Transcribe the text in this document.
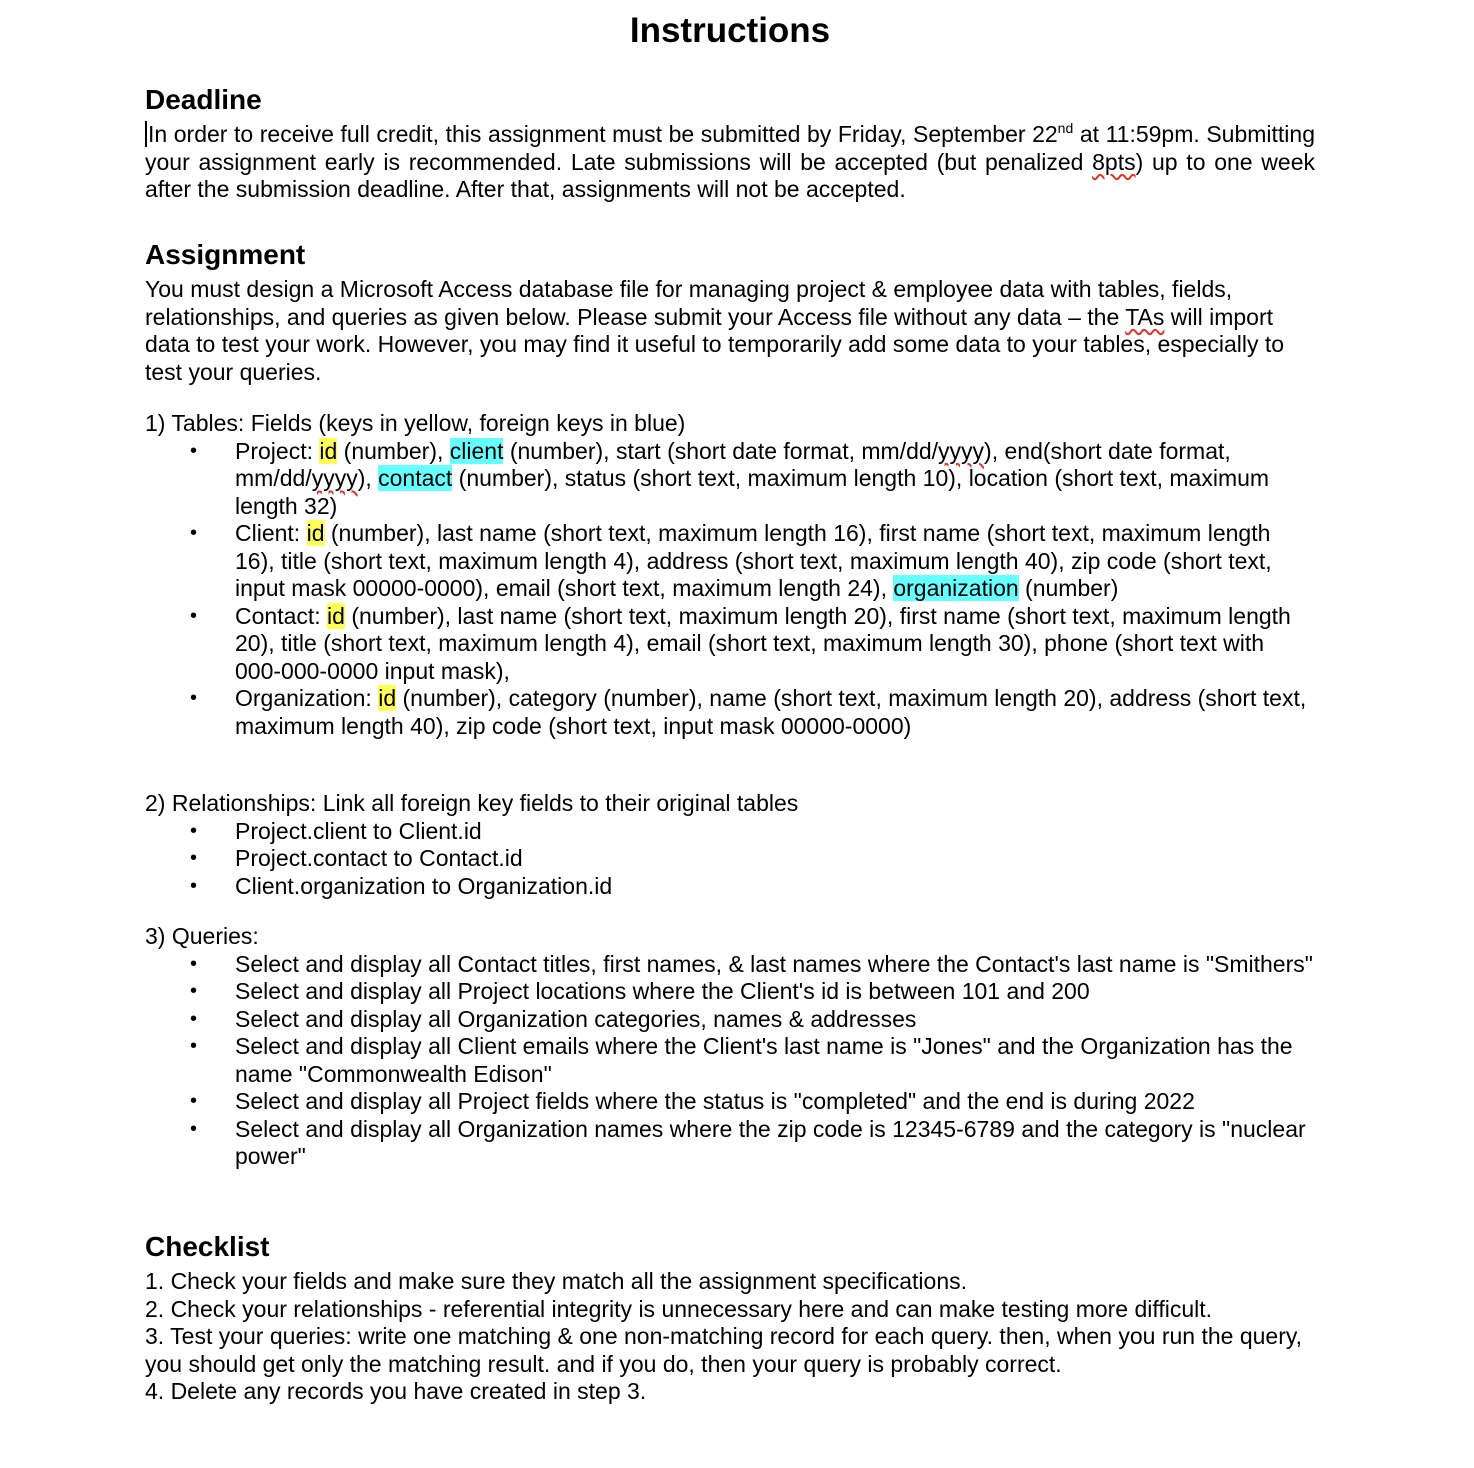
Instructions
Deadline

In order to receive full credit, this assignment must be submitted by Friday, September 22nd at 11:59pm. Submitting your assignment early is recommended. Late submissions will be accepted (but penalized 8pts) up to one week after the submission deadline. After that, assignments will not be accepted.

Assignment

You must design a Microsoft Access database file for managing project & employee data with tables, fields, relationships, and queries as given below. Please submit your Access file without any data – the TAs will import data to test your work. However, you may find it useful to temporarily add some data to your tables, especially to test your queries.

1) Tables: Fields (keys in yellow, foreign keys in blue)

• Project: id (number), client (number), start (short date format, mm/dd/yyyy), end(short date format, mm/dd/yyyy), contact (number), status (short text, maximum length 10), location (short text, maximum length 32)
• Client: id (number), last name (short text, maximum length 16), first name (short text, maximum length 16), title (short text, maximum length 4), address (short text, maximum length 40), zip code (short text, input mask 00000-0000), email (short text, maximum length 24), organization (number)
• Contact: id (number), last name (short text, maximum length 20), first name (short text, maximum length 20), title (short text, maximum length 4), email (short text, maximum length 30), phone (short text with 000-000-0000 input mask),
• Organization: id (number), category (number), name (short text, maximum length 20), address (short text, maximum length 40), zip code (short text, input mask 00000-0000)

2) Relationships: Link all foreign key fields to their original tables

• Project.client to Client.id
• Project.contact to Contact.id
• Client.organization to Organization.id

3) Queries:

• Select and display all Contact titles, first names, & last names where the Contact's last name is "Smithers"
• Select and display all Project locations where the Client's id is between 101 and 200
• Select and display all Organization categories, names & addresses
• Select and display all Client emails where the Client's last name is "Jones" and the Organization has the name "Commonwealth Edison"
• Select and display all Project fields where the status is "completed" and the end is during 2022
• Select and display all Organization names where the zip code is 12345-6789 and the category is "nuclear power"
Checklist

1. Check your fields and make sure they match all the assignment specifications.

2. Check your relationships - referential integrity is unnecessary here and can make testing more difficult.

3. Test your queries: write one matching & one non-matching record for each query. then, when you run the query, you should get only the matching result. and if you do, then your query is probably correct.

4. Delete any records you have created in step 3.
